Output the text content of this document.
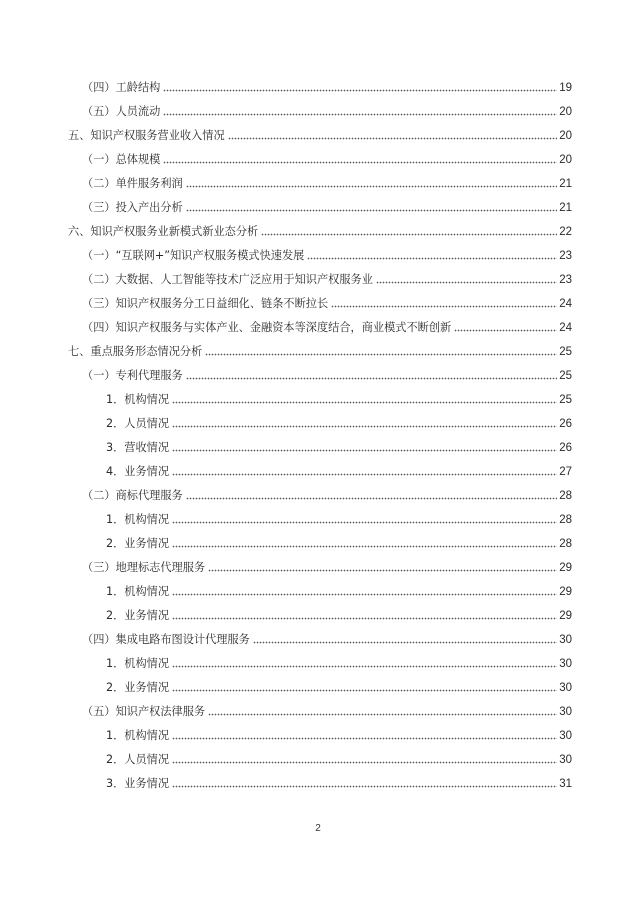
（四）工龄结构	19
（五）人员流动	20
五、知识产权服务营业收入情况	20
（一）总体规模	20
（二）单件服务利润	21
（三）投入产出分析	21
六、知识产权服务业新模式新业态分析	22
（一）“互联网+”知识产权服务模式快速发展	23
（二）大数据、人工智能等技术广泛应用于知识产权服务业	23
（三）知识产权服务分工日益细化、链条不断拉长	24
（四）知识产权服务与实体产业、金融资本等深度结合，商业模式不断创新	24
七、重点服务形态情况分析	25
（一）专利代理服务	25
1．机构情况	25
2．人员情况	26
3．营收情况	26
4．业务情况	27
（二）商标代理服务	28
1．机构情况	28
2．业务情况	28
（三）地理标志代理服务	29
1．机构情况	29
2．业务情况	29
（四）集成电路布图设计代理服务	30
1．机构情况	30
2．业务情况	30
（五）知识产权法律服务	30
1．机构情况	30
2．人员情况	30
3．业务情况	31
2
